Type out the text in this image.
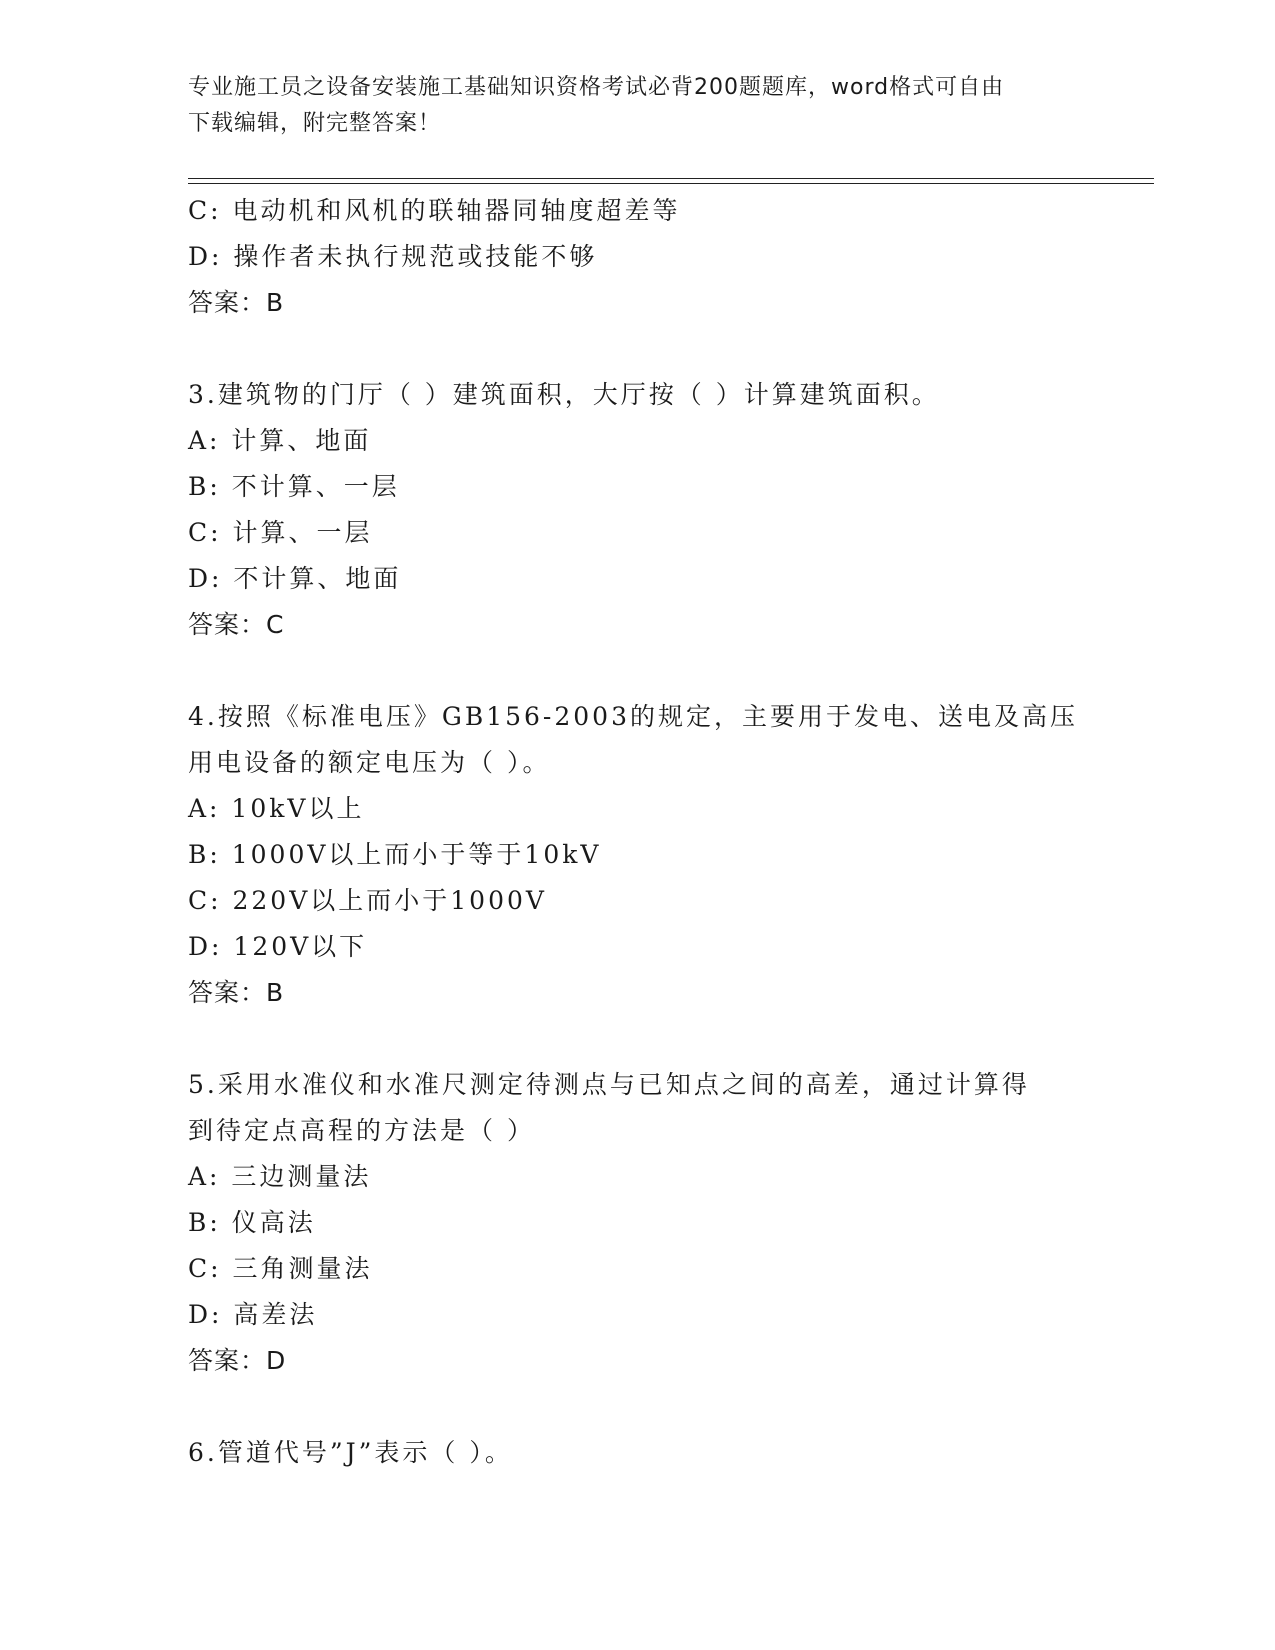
专业施工员之设备安装施工基础知识资格考试必背200题题库，word格式可自由
下载编辑，附完整答案！
C: 电动机和风机的联轴器同轴度超差等
D: 操作者未执行规范或技能不够
答案：B
3.建筑物的门厅（ ）建筑面积，大厅按（ ）计算建筑面积。
A: 计算、地面
B: 不计算、一层
C: 计算、一层
D: 不计算、地面
答案：C
4.按照《标准电压》GB156-2003的规定，主要用于发电、送电及高压
用电设备的额定电压为（ ）。
A: 10kV以上
B: 1000V以上而小于等于10kV
C: 220V以上而小于1000V
D: 120V以下
答案：B
5.采用水准仪和水准尺测定待测点与已知点之间的高差，通过计算得
到待定点高程的方法是（ ）
A: 三边测量法
B: 仪高法
C: 三角测量法
D: 高差法
答案：D
6.管道代号”J”表示（ ）。
